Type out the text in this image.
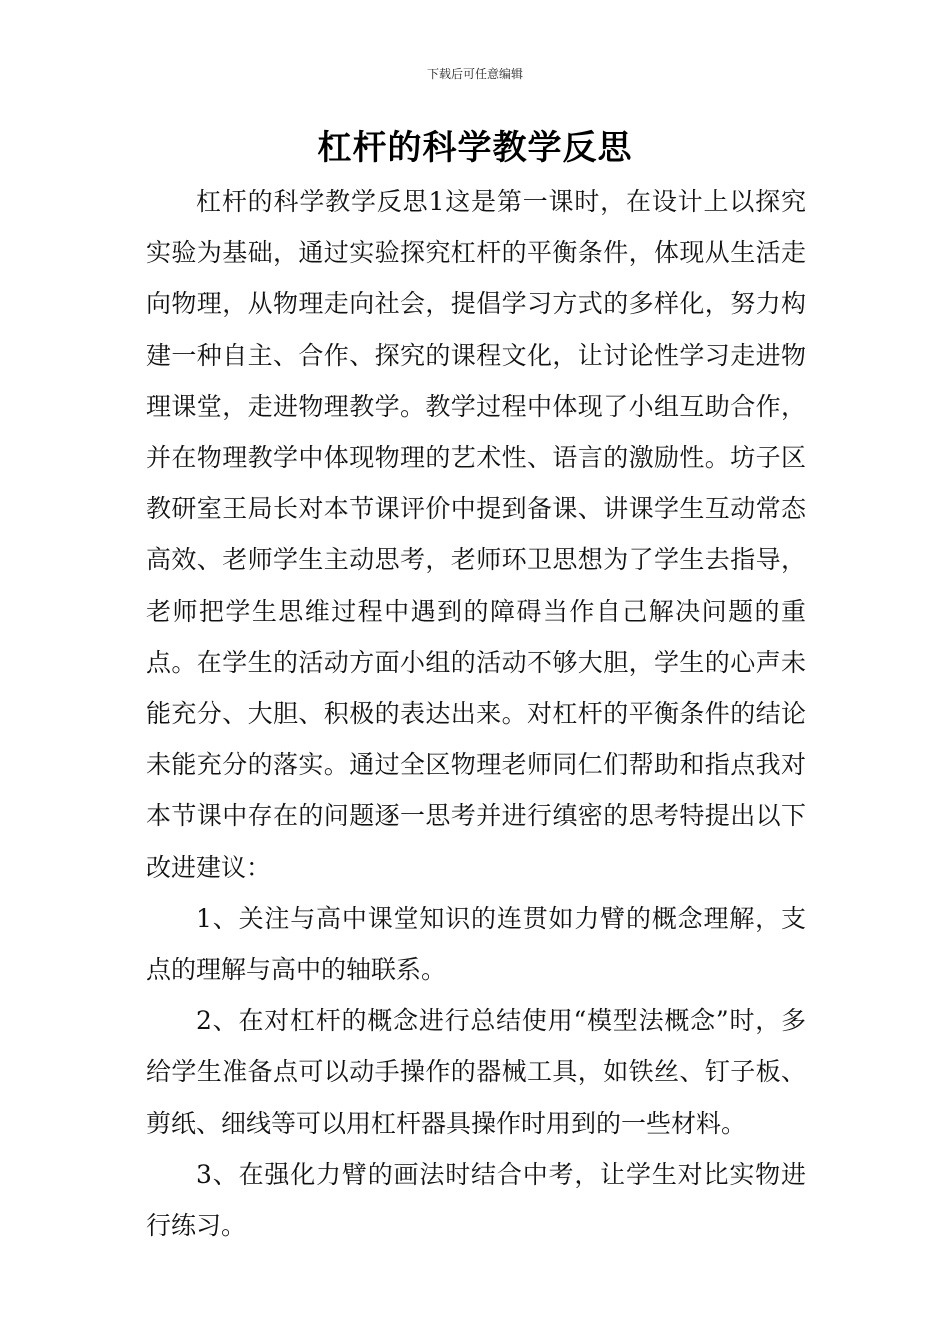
下载后可任意编辑
杠杆的科学教学反思

杠杆的科学教学反思1这是第一课时，在设计上以探究实验为基础，通过实验探究杠杆的平衡条件，体现从生活走向物理，从物理走向社会，提倡学习方式的多样化，努力构建一种自主、合作、探究的课程文化，让讨论性学习走进物理课堂，走进物理教学。教学过程中体现了小组互助合作，并在物理教学中体现物理的艺术性、语言的激励性。坊子区教研室王局长对本节课评价中提到备课、讲课学生互动常态高效、老师学生主动思考，老师环卫思想为了学生去指导，老师把学生思维过程中遇到的障碍当作自己解决问题的重点。在学生的活动方面小组的活动不够大胆，学生的心声未能充分、大胆、积极的表达出来。对杠杆的平衡条件的结论未能充分的落实。通过全区物理老师同仁们帮助和指点我对本节课中存在的问题逐一思考并进行缜密的思考特提出以下改进建议：

1、关注与高中课堂知识的连贯如力臂的概念理解，支点的理解与高中的轴联系。

2、在对杠杆的概念进行总结使用“模型法概念”时，多给学生准备点可以动手操作的器械工具，如铁丝、钉子板、剪纸、细线等可以用杠杆器具操作时用到的一些材料。

3、在强化力臂的画法时结合中考，让学生对比实物进行练习。
